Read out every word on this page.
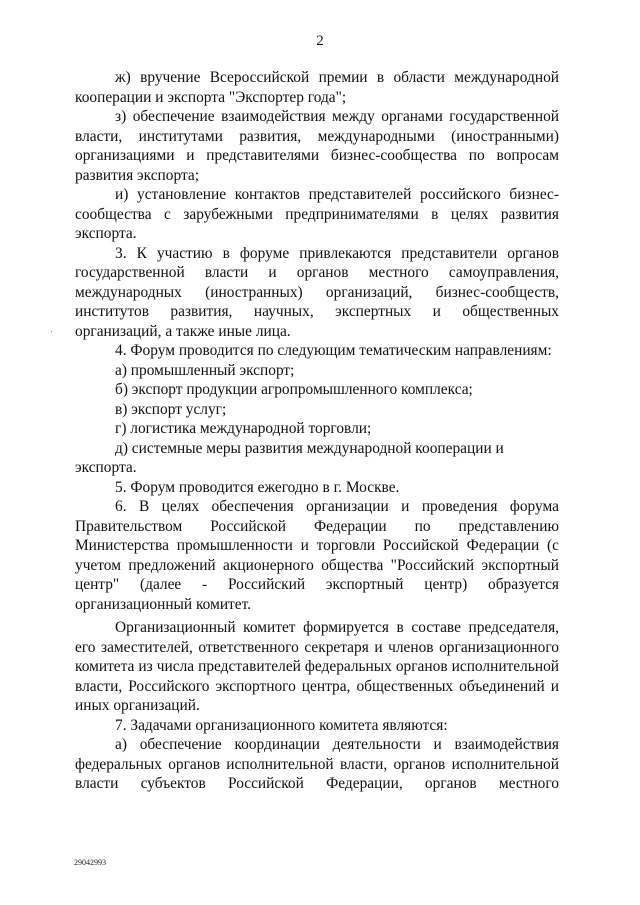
2

ж) вручение Всероссийской премии в области международной кооперации и экспорта "Экспортер года";

з) обеспечение взаимодействия между органами государственной власти, институтами развития, международными (иностранными) организациями и представителями бизнес-сообщества по вопросам развития экспорта;

и) установление контактов представителей российского бизнес-сообщества с зарубежными предпринимателями в целях развития экспорта.

3. К участию в форуме привлекаются представители органов государственной власти и органов местного самоуправления, международных (иностранных) организаций, бизнес-сообществ, институтов развития, научных, экспертных и общественных организаций, а также иные лица.

4. Форум проводится по следующим тематическим направлениям:

а) промышленный экспорт;

б) экспорт продукции агропромышленного комплекса;

в) экспорт услуг;

г) логистика международной торговли;

д) системные меры развития международной кооперации и экспорта.

5. Форум проводится ежегодно в г. Москве.

6. В целях обеспечения организации и проведения форума Правительством Российской Федерации по представлению Министерства промышленности и торговли Российской Федерации (с учетом предложений акционерного общества "Российский экспортный центр" (далее - Российский экспортный центр) образуется организационный комитет.

Организационный комитет формируется в составе председателя, его заместителей, ответственного секретаря и членов организационного комитета из числа представителей федеральных органов исполнительной власти, Российского экспортного центра, общественных объединений и иных организаций.

7. Задачами организационного комитета являются:

а) обеспечение координации деятельности и взаимодействия федеральных органов исполнительной власти, органов исполнительной власти субъектов Российской Федерации, органов местного

29042993
